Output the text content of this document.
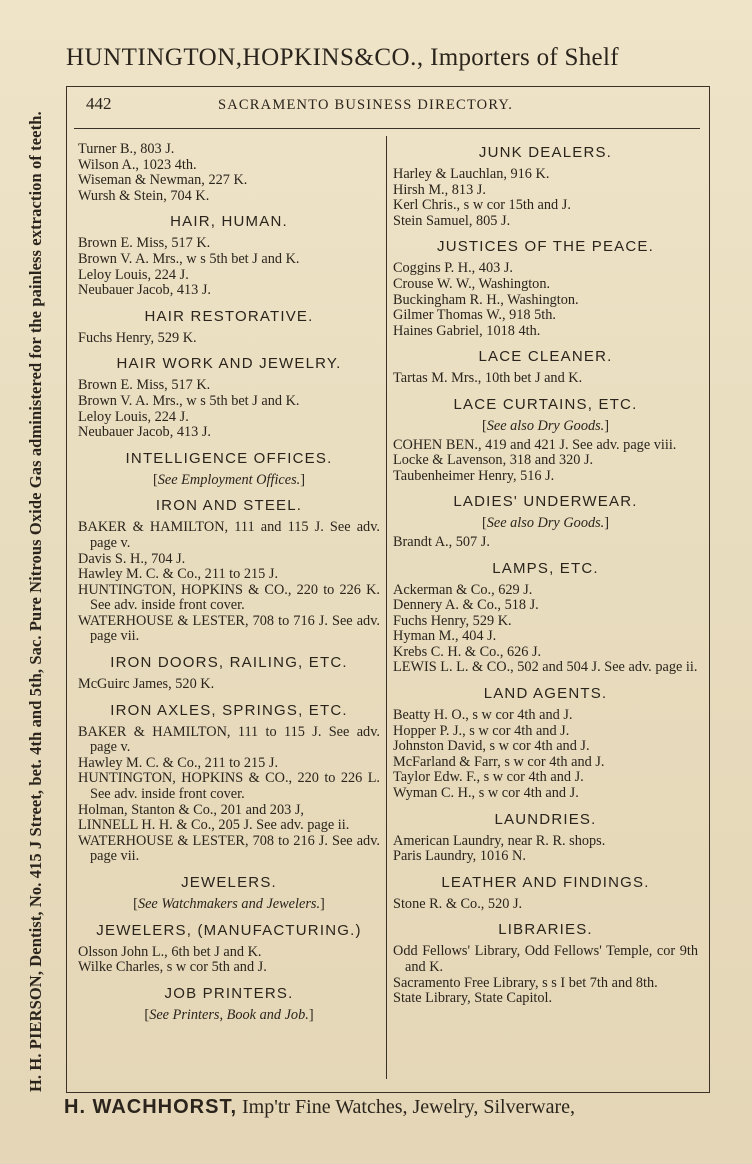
HUNTINGTON,HOPKINS&CO., Importers of Shelf
H. H. PIERSON, Dentist, No. 415 J Street, bet. 4th and 5th, Sac. Pure Nitrous Oxide Gas administered for the painless extraction of teeth.
442	SACRAMENTO BUSINESS DIRECTORY.

Turner B., 803 J.

Wilson A., 1023 4th.

Wiseman & Newman, 227 K.

Wursh & Stein, 704 K.

HAIR, HUMAN.

Brown E. Miss, 517 K.

Brown V. A. Mrs., w s 5th bet J and K.

Leloy Louis, 224 J.

Neubauer Jacob, 413 J.

HAIR RESTORATIVE.

Fuchs Henry, 529 K.

HAIR WORK AND JEWELRY.

Brown E. Miss, 517 K.

Brown V. A. Mrs., w s 5th bet J and K.

Leloy Louis, 224 J.

Neubauer Jacob, 413 J.

INTELLIGENCE OFFICES.
[See Employment Offices.]
IRON AND STEEL.

BAKER & HAMILTON, 111 and 115 J. See adv. page v.

Davis S. H., 704 J.

Hawley M. C. & Co., 211 to 215 J.

HUNTINGTON, HOPKINS & CO., 220 to 226 K. See adv. inside front cover.

WATERHOUSE & LESTER, 708 to 716 J. See adv. page vii.

IRON DOORS, RAILING, ETC.

McGuirc James, 520 K.

IRON AXLES, SPRINGS, ETC.

BAKER & HAMILTON, 111 to 115 J. See adv. page v.

Hawley M. C. & Co., 211 to 215 J.

HUNTINGTON, HOPKINS & CO., 220 to 226 L. See adv. inside front cover.

Holman, Stanton & Co., 201 and 203 J,

LINNELL H. H. & Co., 205 J. See adv. page ii.

WATERHOUSE & LESTER, 708 to 216 J. See adv. page vii.

JEWELERS.
[See Watchmakers and Jewelers.]
JEWELERS, (MANUFACTURING.)

Olsson John L., 6th bet J and K.

Wilke Charles, s w cor 5th and J.

JOB PRINTERS.
[See Printers, Book and Job.]
JUNK DEALERS.

Harley & Lauchlan, 916 K.

Hirsh M., 813 J.

Kerl Chris., s w cor 15th and J.

Stein Samuel, 805 J.

JUSTICES OF THE PEACE.

Coggins P. H., 403 J.

Crouse W. W., Washington.

Buckingham R. H., Washington.

Gilmer Thomas W., 918 5th.

Haines Gabriel, 1018 4th.

LACE CLEANER.

Tartas M. Mrs., 10th bet J and K.

LACE CURTAINS, ETC.
[See also Dry Goods.]

COHEN BEN., 419 and 421 J. See adv. page viii.

Locke & Lavenson, 318 and 320 J.

Taubenheimer Henry, 516 J.

LADIES' UNDERWEAR.
[See also Dry Goods.]

Brandt A., 507 J.

LAMPS, ETC.

Ackerman & Co., 629 J.

Dennery A. & Co., 518 J.

Fuchs Henry, 529 K.

Hyman M., 404 J.

Krebs C. H. & Co., 626 J.

LEWIS L. L. & CO., 502 and 504 J. See adv. page ii.

LAND AGENTS.

Beatty H. O., s w cor 4th and J.

Hopper P. J., s w cor 4th and J.

Johnston David, s w cor 4th and J.

McFarland & Farr, s w cor 4th and J.

Taylor Edw. F., s w cor 4th and J.

Wyman C. H., s w cor 4th and J.

LAUNDRIES.

American Laundry, near R. R. shops.

Paris Laundry, 1016 N.

LEATHER AND FINDINGS.

Stone R. & Co., 520 J.

LIBRARIES.

Odd Fellows' Library, Odd Fellows' Temple, cor 9th and K.

Sacramento Free Library, s s I bet 7th and 8th.

State Library, State Capitol.

H. WACHHORST, Imp'tr Fine Watches, Jewelry, Silverware,
